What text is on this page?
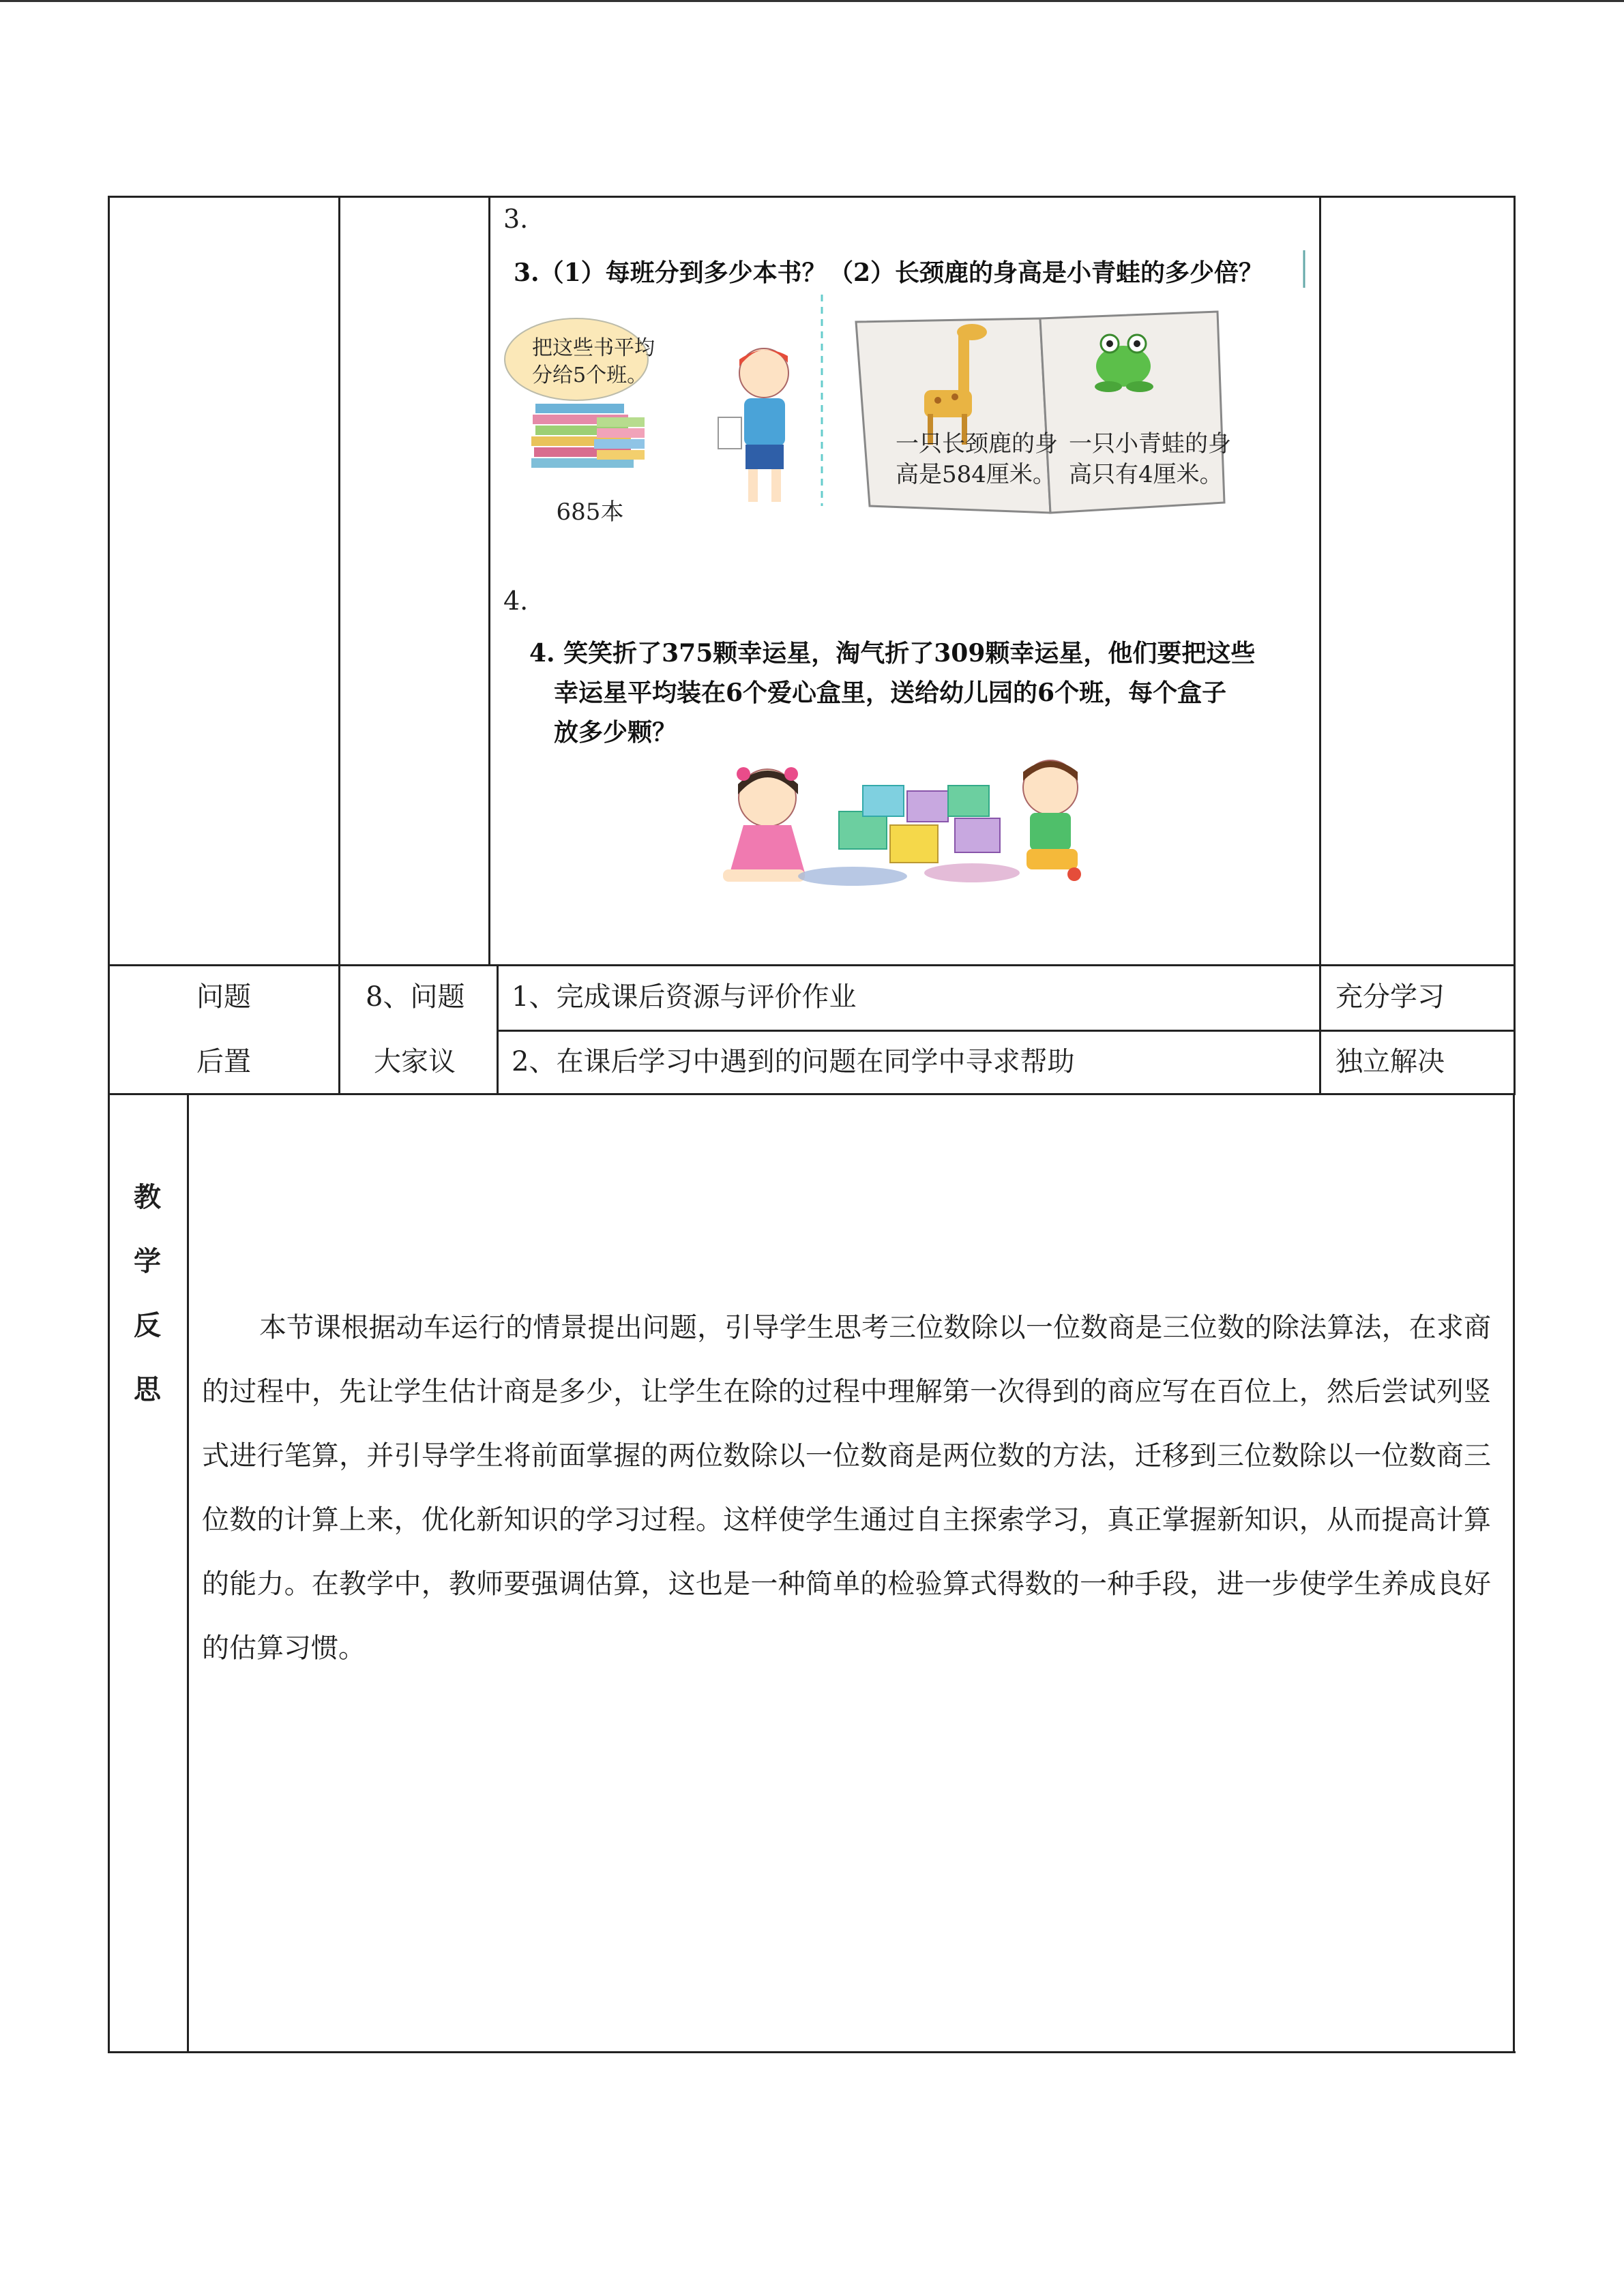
3.
3.（1）每班分到多少本书？ （2）长颈鹿的身高是小青蛙的多少倍？
把这些书平均
分给5个班。
685本
一只长颈鹿的身
高是584厘米。
一只小青蛙的身
高只有4厘米。
4.
4. 笑笑折了375颗幸运星，淘气折了309颗幸运星，他们要把这些
幸运星平均装在6个爱心盒里，送给幼儿园的6个班，每个盒子
放多少颗？
问题
后置
8、问题
大家议
1、完成课后资源与评价作业
2、在课后学习中遇到的问题在同学中寻求帮助
充分学习
独立解决
教
学
反
思
本节课根据动车运行的情景提出问题，引导学生思考三位数除以一位数商是三位数的除法算法，在求商的过程中，先让学生估计商是多少，让学生在除的过程中理解第一次得到的商应写在百位上，然后尝试列竖式进行笔算，并引导学生将前面掌握的两位数除以一位数商是两位数的方法，迁移到三位数除以一位数商三位数的计算上来，优化新知识的学习过程。这样使学生通过自主探索学习，真正掌握新知识，从而提高计算的能力。在教学中，教师要强调估算，这也是一种简单的检验算式得数的一种手段，进一步使学生养成良好的估算习惯。
